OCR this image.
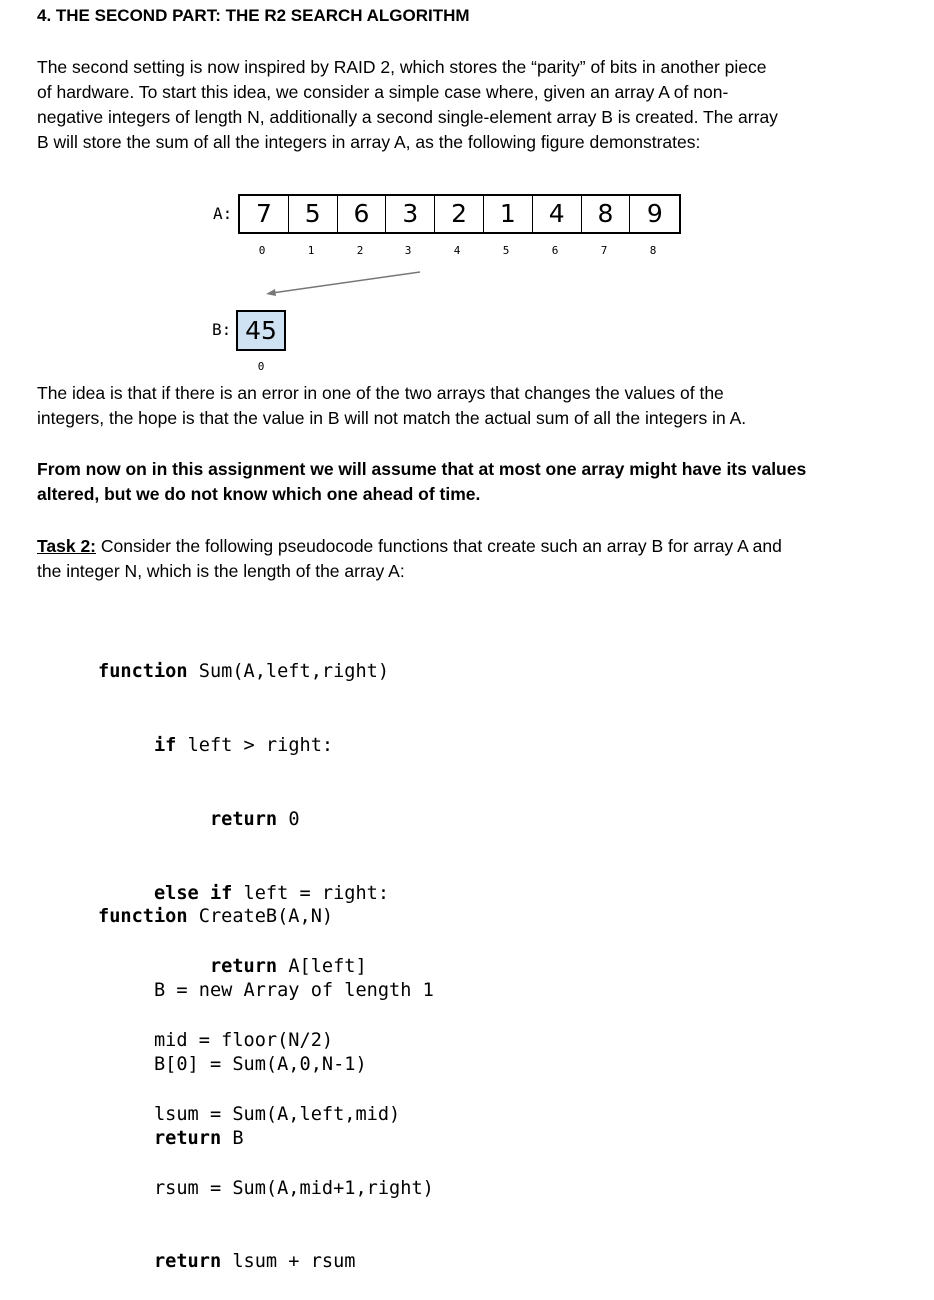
4. THE SECOND PART: THE R2 SEARCH ALGORITHM
The second setting is now inspired by RAID 2, which stores the “parity” of bits in another piece
of hardware. To start this idea, we consider a simple case where, given an array A of non-
negative integers of length N, additionally a second single-element array B is created. The array
B will store the sum of all the integers in array A, as the following figure demonstrates:
A: 7	5	6	3	2	1	4	8	9
0	1	2	3	4	5	6	7	8
B: 45
0
The idea is that if there is an error in one of the two arrays that changes the values of the
integers, the hope is that the value in B will not match the actual sum of all the integers in A.
From now on in this assignment we will assume that at most one array might have its values
altered, but we do not know which one ahead of time.
Task 2: Consider the following pseudocode functions that create such an array B for array A and
the integer N, which is the length of the array A:

function Sum(A,left,right)

if left > right:

return 0

else if left = right:

return A[left]

mid = floor(N/2)

lsum = Sum(A,left,mid)

rsum = Sum(A,mid+1,right)

return lsum + rsum

function CreateB(A,N)

B = new Array of length 1

B[0] = Sum(A,0,N-1)

return B
